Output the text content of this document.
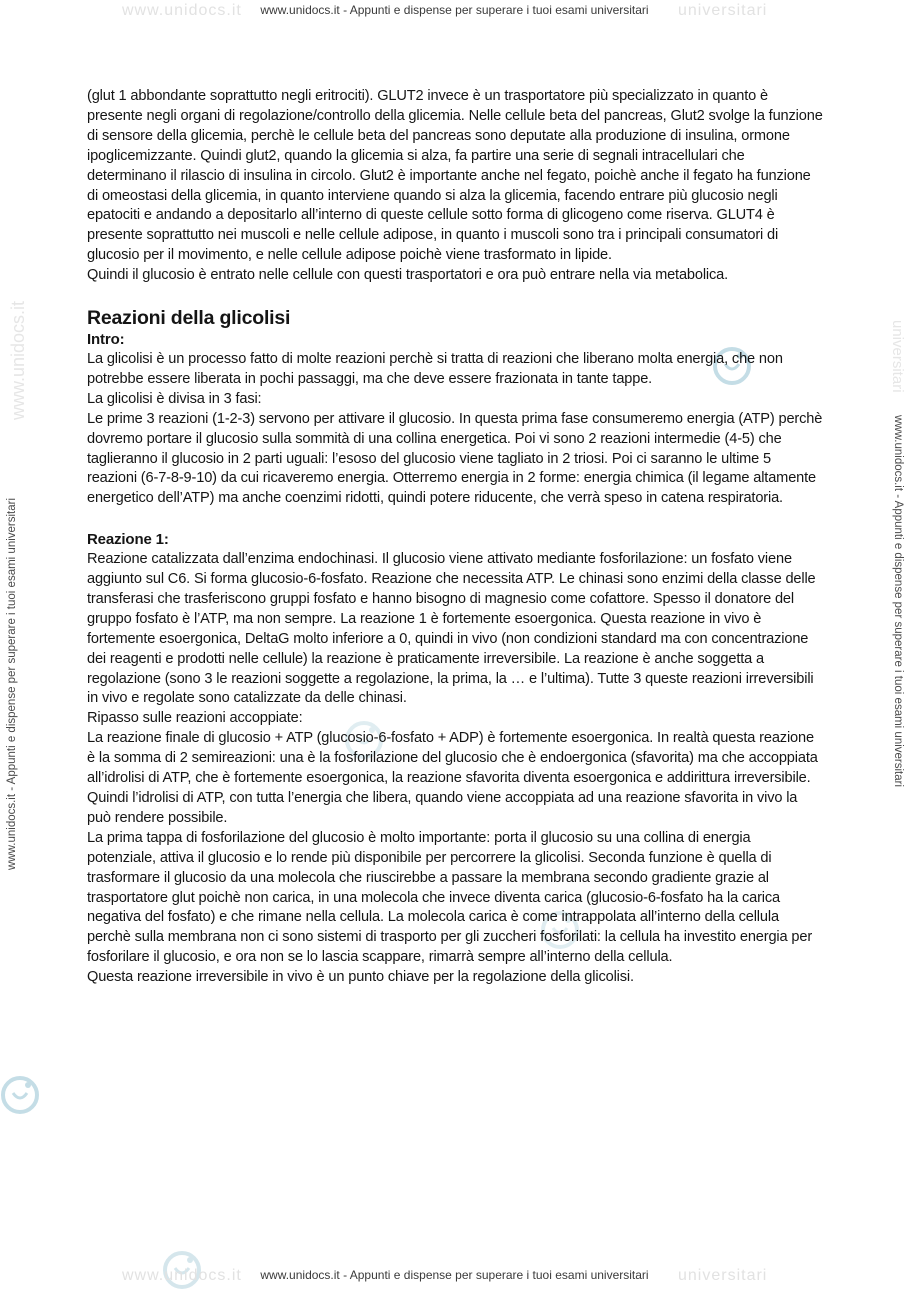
www.unidocs.it www.unidocs.it - Appunti e dispense per superare i tuoi esami universitari universitari
www.unidocs.it
www.unidocs.it - Appunti e dispense per superare i tuoi esami universitari
universitari
www.unidocs.it - Appunti e dispense per superare i tuoi esami universitari

(glut 1 abbondante soprattutto negli eritrociti). GLUT2 invece è un trasportatore più specializzato in quanto è presente negli organi di regolazione/controllo della glicemia. Nelle cellule beta del pancreas, Glut2 svolge la funzione di sensore della glicemia, perchè le cellule beta del pancreas sono deputate alla produzione di insulina, ormone ipoglicemizzante. Quindi glut2, quando la glicemia si alza, fa partire una serie di segnali intracellulari che determinano il rilascio di insulina in circolo. Glut2 è importante anche nel fegato, poichè anche il fegato ha funzione di omeostasi della glicemia, in quanto interviene quando si alza la glicemia, facendo entrare più glucosio negli epatociti e andando a depositarlo all’interno di queste cellule sotto forma di glicogeno come riserva. GLUT4 è presente soprattutto nei muscoli e nelle cellule adipose, in quanto i muscoli sono tra i principali consumatori di glucosio per il movimento, e nelle cellule adipose poichè viene trasformato in lipide.

Quindi il glucosio è entrato nelle cellule con questi trasportatori e ora può entrare nella via metabolica.

Reazioni della glicolisi
Intro:

La glicolisi è un processo fatto di molte reazioni perchè si tratta di reazioni che liberano molta energia, che non potrebbe essere liberata in pochi passaggi, ma che deve essere frazionata in tante tappe.

La glicolisi è divisa in 3 fasi:

Le prime 3 reazioni (1-2-3) servono per attivare il glucosio. In questa prima fase consumeremo energia (ATP) perchè dovremo portare il glucosio sulla sommità di una collina energetica. Poi vi sono 2 reazioni intermedie (4-5) che taglieranno il glucosio in 2 parti uguali: l’esoso del glucosio viene tagliato in 2 triosi. Poi ci saranno le ultime 5 reazioni (6-7-8-9-10) da cui ricaveremo energia. Otterremo energia in 2 forme: energia chimica (il legame altamente energetico dell’ATP) ma anche coenzimi ridotti, quindi potere riducente, che verrà speso in catena respiratoria.

Reazione 1:

Reazione catalizzata dall’enzima endochinasi. Il glucosio viene attivato mediante fosforilazione: un fosfato viene aggiunto sul C6. Si forma glucosio-6-fosfato. Reazione che necessita ATP. Le chinasi sono enzimi della classe delle transferasi che trasferiscono gruppi fosfato e hanno bisogno di magnesio come cofattore. Spesso il donatore del gruppo fosfato è l’ATP, ma non sempre. La reazione 1 è fortemente esoergonica. Questa reazione in vivo è fortemente esoergonica, DeltaG molto inferiore a 0, quindi in vivo (non condizioni standard ma con concentrazione dei reagenti e prodotti nelle cellule) la reazione è praticamente irreversibile. La reazione è anche soggetta a regolazione (sono 3 le reazioni soggette a regolazione, la prima, la … e l’ultima). Tutte 3 queste reazioni irreversibili in vivo e regolate sono catalizzate da delle chinasi.

Ripasso sulle reazioni accoppiate:

La reazione finale di glucosio + ATP (glucosio-6-fosfato + ADP) è fortemente esoergonica. In realtà questa reazione è la somma di 2 semireazioni: una è la fosforilazione del glucosio che è endoergonica (sfavorita) ma che accoppiata all’idrolisi di ATP, che è fortemente esoergonica, la reazione sfavorita diventa esoergonica e addirittura irreversibile. Quindi l’idrolisi di ATP, con tutta l’energia che libera, quando viene accoppiata ad una reazione sfavorita in vivo la può rendere possibile.

La prima tappa di fosforilazione del glucosio è molto importante: porta il glucosio su una collina di energia potenziale, attiva il glucosio e lo rende più disponibile per percorrere la glicolisi. Seconda funzione è quella di trasformare il glucosio da una molecola che riuscirebbe a passare la membrana secondo gradiente grazie al trasportatore glut poichè non carica, in una molecola che invece diventa carica (glucosio-6-fosfato ha la carica negativa del fosfato) e che rimane nella cellula. La molecola carica è come intrappolata all’interno della cellula perchè sulla membrana non ci sono sistemi di trasporto per gli zuccheri fosforilati: la cellula ha investito energia per fosforilare il glucosio, e ora non se lo lascia scappare, rimarrà sempre all’interno della cellula.

Questa reazione irreversibile in vivo è un punto chiave per la regolazione della glicolisi.

www.unidocs.it www.unidocs.it - Appunti e dispense per superare i tuoi esami universitari universitari
